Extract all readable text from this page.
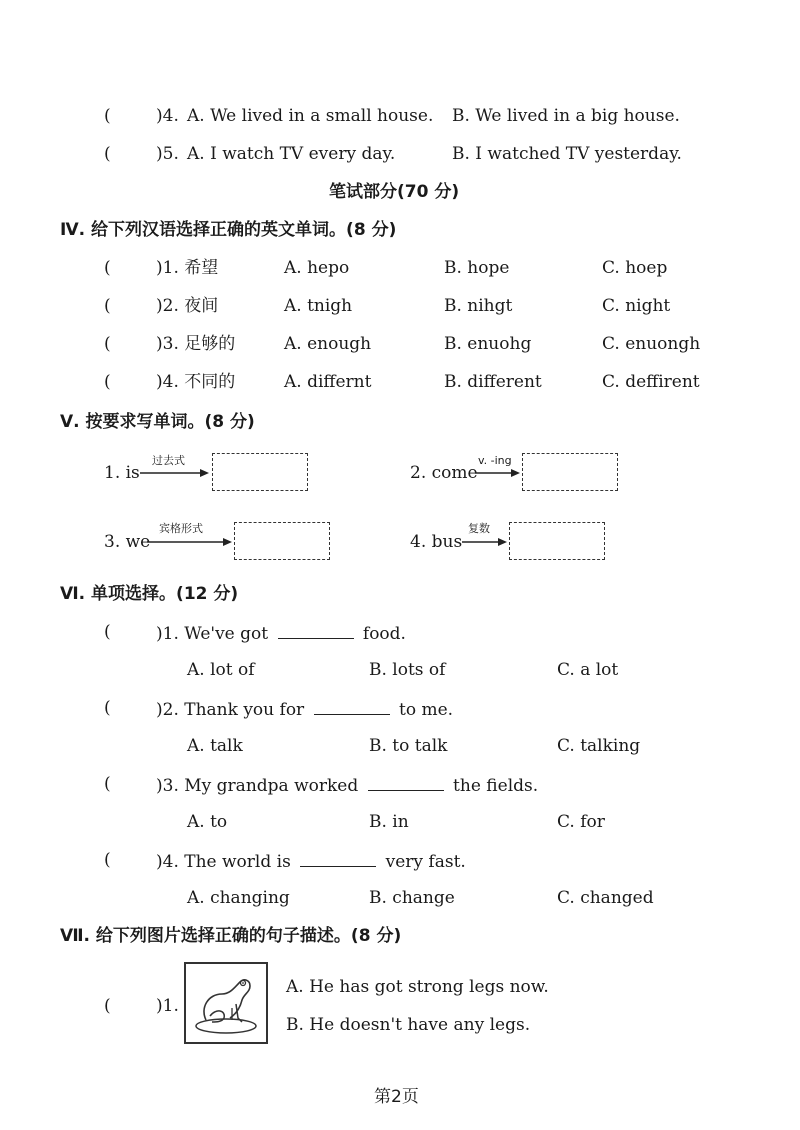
(	)4. A. We lived in a small house. B. We lived in a big house.
(	)5. A. I watch TV every day.	B. I watched TV yesterday.
笔试部分(70 分)
Ⅳ. 给下列汉语选择正确的英文单词。(8 分)
(	)1. 希望	A. hepo	B. hope	C. hoep
(	)2. 夜间	A. tnigh	B. nihgt	C. night
(	)3. 足够的	A. enough	B. enuohg	C. enuongh
(	)4. 不同的	A. differnt	B. different	C. deffirent
Ⅴ. 按要求写单词。(8 分)
1. is
过去式
2. come
v. -ing
3. we
宾格形式
4. bus
复数
Ⅵ. 单项选择。(12 分)
(	)1. We've got	food.
A. lot of	B. lots of	C. a lot
(	)2. Thank you for	to me.
A. talk	B. to talk	C. talking
(	)3. My grandpa worked	the fields.
A. to	B. in	C. for
(	)4. The world is	very fast.
A. changing	B. change	C. changed
Ⅶ. 给下列图片选择正确的句子描述。(8 分)
(	)1.
A. He has got strong legs now.
B. He doesn't have any legs.
第2页
